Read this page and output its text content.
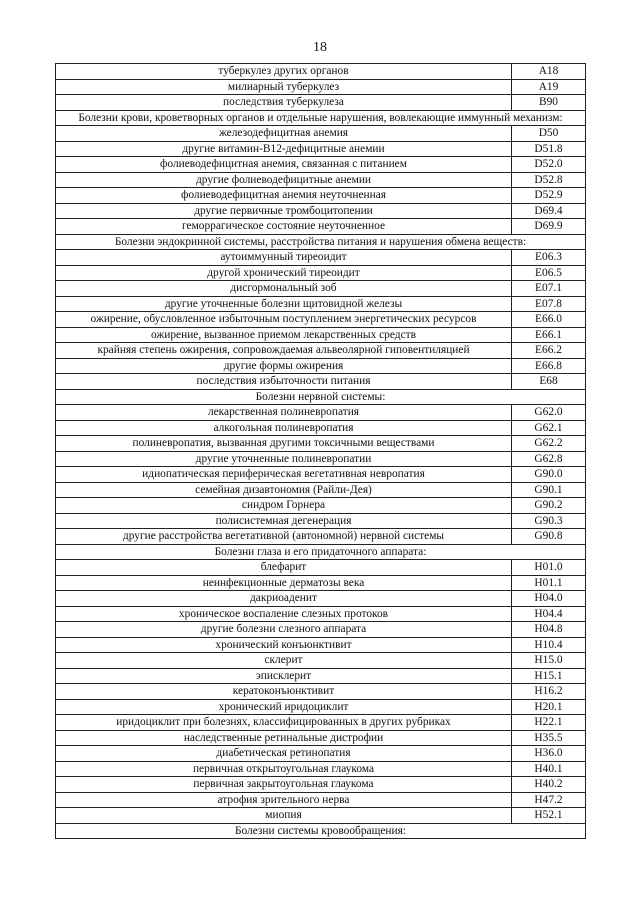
18
туберкулез других органов	A18
милиарный туберкулез	A19
последствия туберкулеза	B90
Болезни крови, кроветворных органов и отдельные нарушения, вовлекающие иммунный механизм:	
железодефицитная анемия	D50
другие витамин-B12-дефицитные анемии	D51.8
фолиеводефицитная анемия, связанная с питанием	D52.0
другие фолиеводефицитные анемии	D52.8
фолиеводефицитная анемия неуточненная	D52.9
другие первичные тромбоцитопении	D69.4
геморрагическое состояние неуточненное	D69.9
Болезни эндокринной системы, расстройства питания и нарушения обмена веществ:	
аутоиммунный тиреоидит	E06.3
другой хронический тиреоидит	E06.5
дисгормональный зоб	E07.1
другие уточненные болезни щитовидной железы	E07.8
ожирение, обусловленное избыточным поступлением энергетических ресурсов	E66.0
ожирение, вызванное приемом лекарственных средств	E66.1
крайняя степень ожирения, сопровождаемая альвеолярной гиповентиляцией	E66.2
другие формы ожирения	E66.8
последствия избыточности питания	E68
Болезни нервной системы:	
лекарственная полиневропатия	G62.0
алкогольная полиневропатия	G62.1
полиневропатия, вызванная другими токсичными веществами	G62.2
другие уточненные полиневропатии	G62.8
идиопатическая периферическая вегетативная невропатия	G90.0
семейная дизавтономия (Райли-Дея)	G90.1
синдром Горнера	G90.2
полисистемная дегенерация	G90.3
другие расстройства вегетативной (автономной) нервной системы	G90.8
Болезни глаза и его придаточного аппарата:	
блефарит	H01.0
неинфекционные дерматозы века	H01.1
дакриоаденит	H04.0
хроническое воспаление слезных протоков	H04.4
другие болезни слезного аппарата	H04.8
хронический конъюнктивит	H10.4
склерит	H15.0
эписклерит	H15.1
кератоконъюнктивит	H16.2
хронический иридоциклит	H20.1
иридоциклит при болезнях, классифицированных в других рубриках	H22.1
наследственные ретинальные дистрофии	H35.5
диабетическая ретинопатия	H36.0
первичная открытоугольная глаукома	H40.1
первичная закрытоугольная глаукома	H40.2
атрофия зрительного нерва	H47.2
миопия	H52.1
Болезни системы кровообращения:	
